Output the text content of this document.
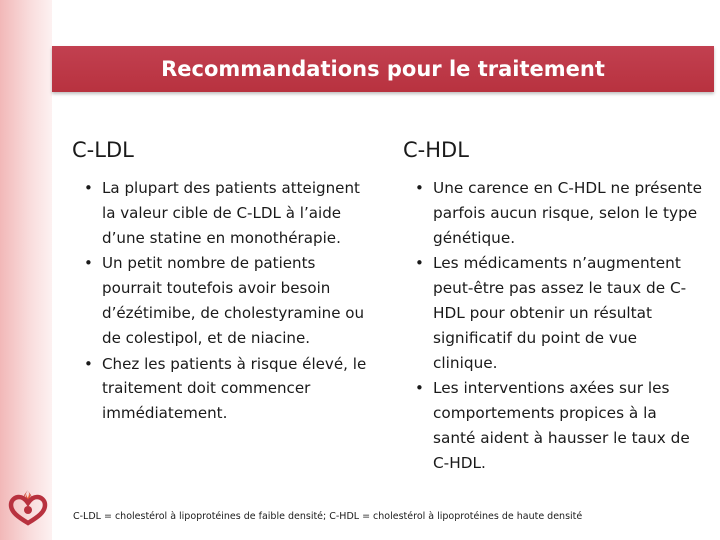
Recommandations pour le traitement
C-LDL
• La plupart des patients atteignent la valeur cible de C-LDL à l’aide d’une statine en monothérapie.
• Un petit nombre de patients pourrait toutefois avoir besoin d’ézétimibe, de cholestyramine ou de colestipol, et de niacine.
• Chez les patients à risque élevé, le traitement doit commencer immédiatement.
C-HDL
• Une carence en C-HDL ne présente parfois aucun risque, selon le type génétique.
• Les médicaments n’augmentent peut-être pas assez le taux de C-HDL pour obtenir un résultat significatif du point de vue clinique.
• Les interventions axées sur les comportements propices à la santé aident à hausser le taux de C-HDL.
C-LDL = cholestérol à lipoprotéines de faible densité; C-HDL = cholestérol à lipoprotéines de haute densité
